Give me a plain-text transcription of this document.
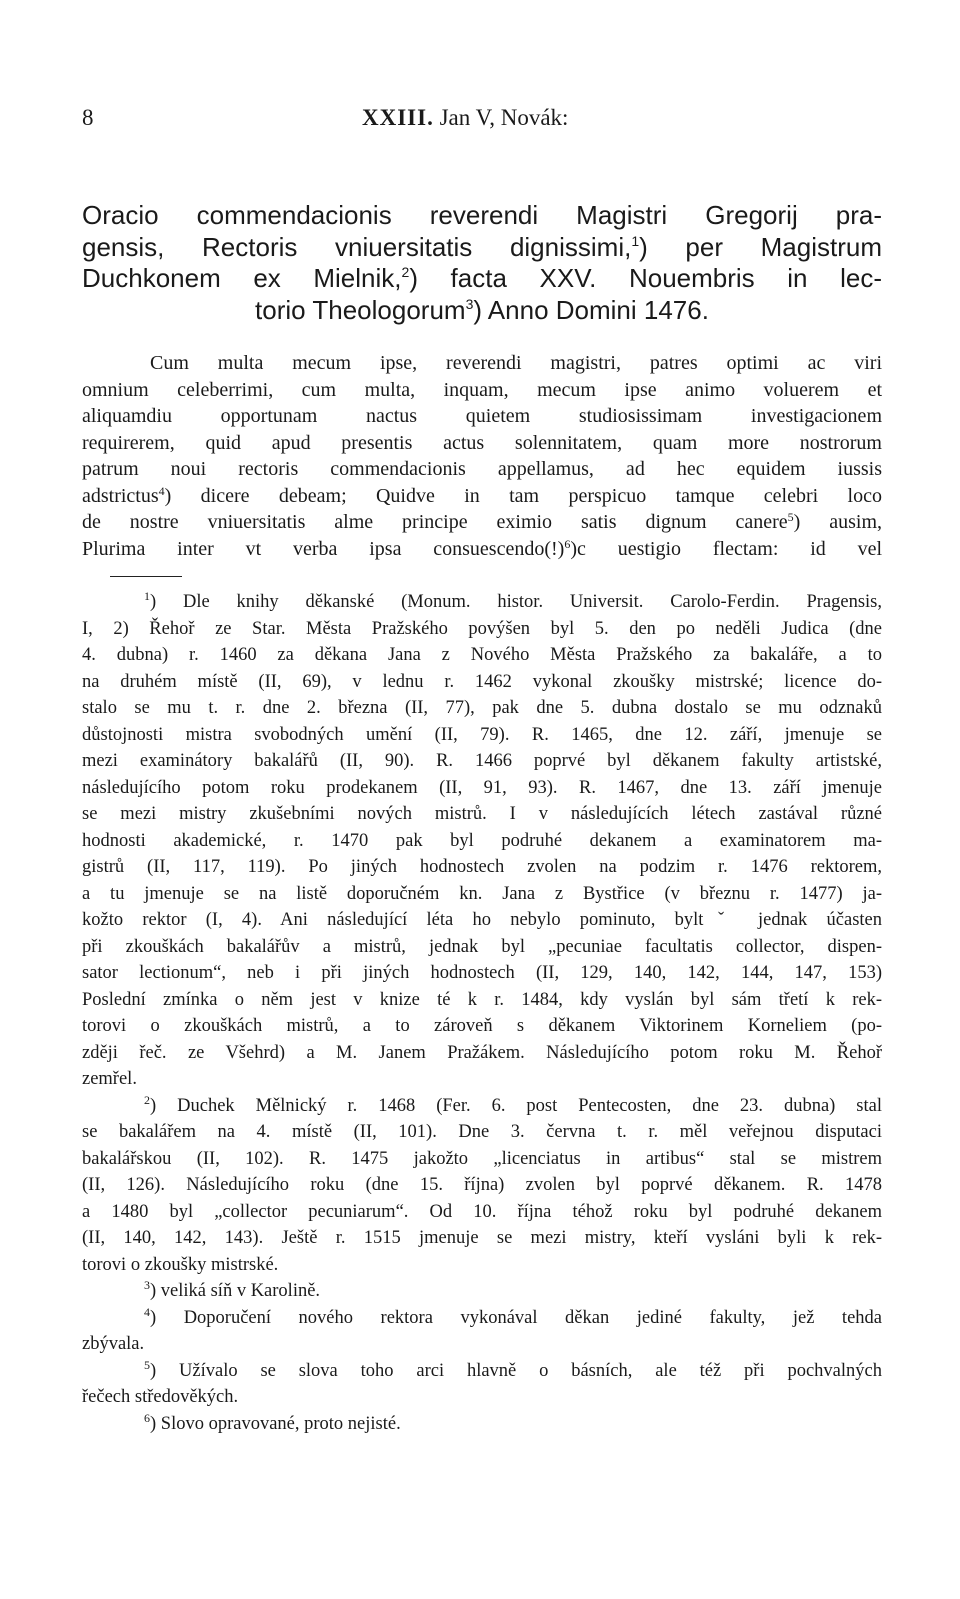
8	XXIII. Jan V, Novák:
Oracio commendacionis reverendi Magistri Gregorij pra-
gensis, Rectoris vniuersitatis dignissimi,$^1$) per Magistrum
Duchkonem ex Mielnik,$^2$) facta XXV. Nouembris in lec-
torio Theologorum$^3$) Anno Domini 1476.
Cum multa mecum ipse, reverendi magistri, patres optimi ac viri
omnium celeberrimi, cum multa, inquam, mecum ipse animo voluerem et
aliquamdiu opportunam nactus quietem studiosissimam investigacionem
requirerem, quid apud presentis actus solennitatem, quam more nostrorum
patrum noui rectoris commendacionis appellamus, ad hec equidem iussis
adstrictus$^4$) dicere debeam; Quidve in tam perspicuo tamque celebri loco
de nostre vniuersitatis alme principe eximio satis dignum canere$^5$) ausim,
Plurima inter vt verba ipsa consuescendo(!)$^6$)c uestigio flectam: id vel
$^1$) Dle knihy děkanské (Monum. histor. Universit. Carolo-Ferdin. Pragensis,
I, 2) Řehoř ze Star. Města Pražského povýšen byl 5. den po neděli Judica (dne
4. dubna) r. 1460 za děkana Jana z Nového Města Pražského za bakaláře, a to
na druhém místě (II, 69), v lednu r. 1462 vykonal zkoušky mistrské; licence do-
stalo se mu t. r. dne 2. března (II, 77), pak dne 5. dubna dostalo se mu odznaků
důstojnosti mistra svobodných umění (II, 79). R. 1465, dne 12. září, jmenuje se
mezi examinátory bakalářů (II, 90). R. 1466 poprvé byl děkanem fakulty artistské,
následujícího potom roku prodekanem (II, 91, 93). R. 1467, dne 13. září jmenuje
se mezi mistry zkušebními nových mistrů. I v následujících létech zastával různé
hodnosti akademické, r. 1470 pak byl podruhé dekanem a examinatorem ma-
gistrů (II, 117, 119). Po jiných hodnostech zvolen na podzim r. 1476 rektorem,
a tu jmenuje se na listě doporučném kn. Jana z Bystřice (v březnu r. 1477) ja-
kožto rektor (I, 4). Ani následující léta ho nebylo pominuto, byltˇ jednak účasten
při zkouškách bakalářův a mistrů, jednak byl „pecuniae facultatis collector, dispen-
sator lectionum“, neb i při jiných hodnostech (II, 129, 140, 142, 144, 147, 153)
Poslední zmínka o něm jest v knize té k r. 1484, kdy vyslán byl sám třetí k rek-
torovi o zkouškách mistrů, a to zároveň s děkanem Viktorinem Korneliem (po-
zději řeč. ze Všehrd) a M. Janem Pražákem. Následujícího potom roku M. Řehoř
zemřel.
$^2$) Duchek Mělnický r. 1468 (Fer. 6. post Pentecosten, dne 23. dubna) stal
se bakalářem na 4. místě (II, 101). Dne 3. června t. r. měl veřejnou disputaci
bakalářskou (II, 102). R. 1475 jakožto „licenciatus in artibus“ stal se mistrem
(II, 126). Následujícího roku (dne 15. října) zvolen byl poprvé děkanem. R. 1478
a 1480 byl „collector pecuniarum“. Od 10. října téhož roku byl podruhé dekanem
(II, 140, 142, 143). Ještě r. 1515 jmenuje se mezi mistry, kteří vysláni byli k rek-
torovi o zkoušky mistrské.
$^3$) veliká síň v Karolině.
$^4$) Doporučení nového rektora vykonával děkan jediné fakulty, jež tehda
zbývala.
$^5$) Užívalo se slova toho arci hlavně o básních, ale též při pochvalných
řečech středověkých.
$^6$) Slovo opravované, proto nejisté.
